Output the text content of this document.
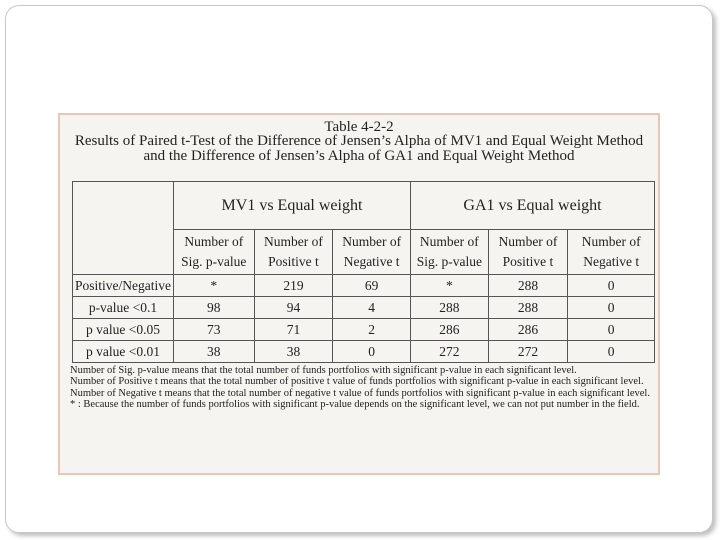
Table 4-2-2
Results of Paired t-Test of the Difference of Jensen’s Alpha of MV1 and Equal Weight Method and the Difference of Jensen’s Alpha of GA1 and Equal Weight Method
	MV1 vs Equal weight			GA1 vs Equal weight		
	Number of Sig. p-value	Number of Positive t	Number of Negative t	Number of Sig. p-value	Number of Positive t	Number of Negative t
Positive/Negative	*	219	69	*	288	0
p-value <0.1	98	94	4	288	288	0
p value <0.05	73	71	2	286	286	0
p value <0.01	38	38	0	272	272	0

Number of Sig. p-value means that the total number of funds portfolios with significant p-value in each significant level.

Number of Positive t means that the total number of positive t value of funds portfolios with significant p-value in each significant level.

Number of Negative t means that the total number of negative t value of funds portfolios with significant p-value in each significant level.

* : Because the number of funds portfolios with significant p-value depends on the significant level, we can not put number in the field.
